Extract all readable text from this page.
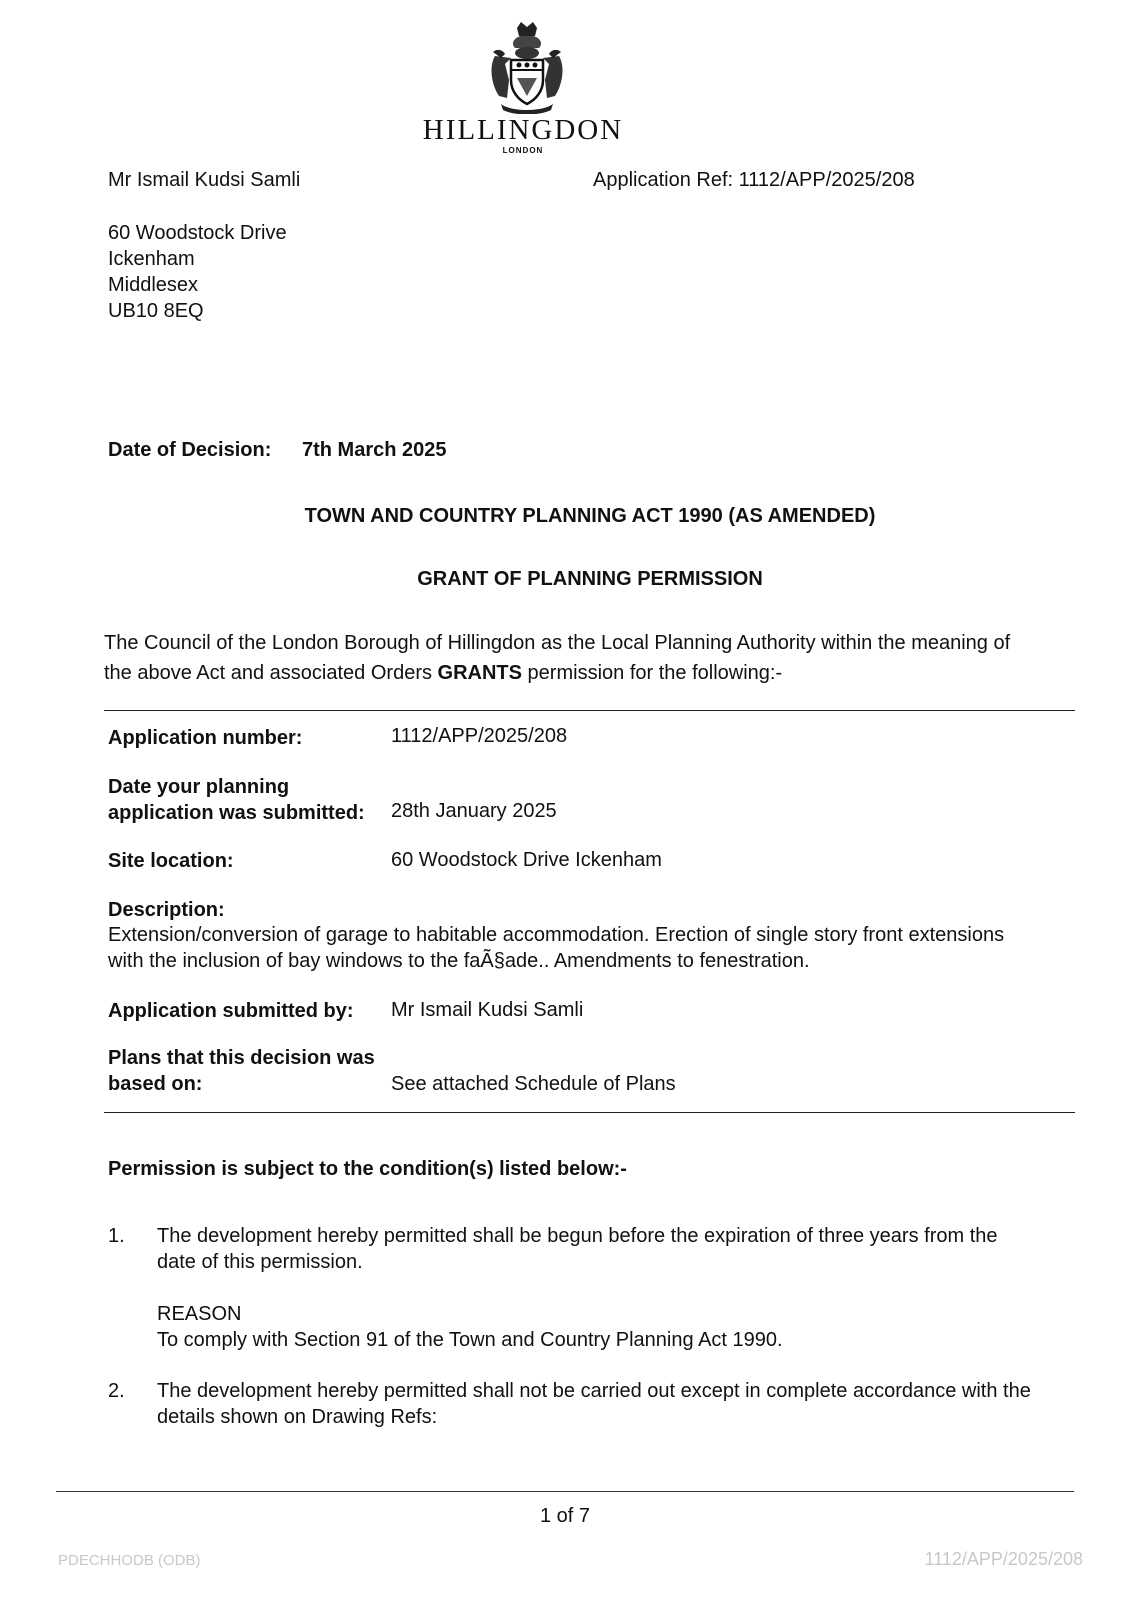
HILLINGDON
LONDON
Mr Ismail Kudsi Samli	Application Ref: 1112/APP/2025/208
60 Woodstock Drive
Ickenham
Middlesex
UB10 8EQ
Date of Decision: 7th March 2025
TOWN AND COUNTRY PLANNING ACT 1990 (AS AMENDED)
GRANT OF PLANNING PERMISSION
The Council of the London Borough of Hillingdon as the Local Planning Authority within the meaning of
the above Act and associated Orders GRANTS permission for the following:-
Application number:	1112/APP/2025/208
Date your planning
application was submitted: 28th January 2025
Site location:	60 Woodstock Drive Ickenham
Description:
Extension/conversion of garage to habitable accommodation. Erection of single story front extensions
with the inclusion of bay windows to the faÃ§ade.. Amendments to fenestration.
Application submitted by: Mr Ismail Kudsi Samli
Plans that this decision was
based on:	See attached Schedule of Plans
Permission is subject to the condition(s) listed below:-
1. The development hereby permitted shall be begun before the expiration of three years from the
date of this permission.
REASON
To comply with Section 91 of the Town and Country Planning Act 1990.
2. The development hereby permitted shall not be carried out except in complete accordance with the
details shown on Drawing Refs:
1 of 7
PDECHHODB (ODB)	1112/APP/2025/208
